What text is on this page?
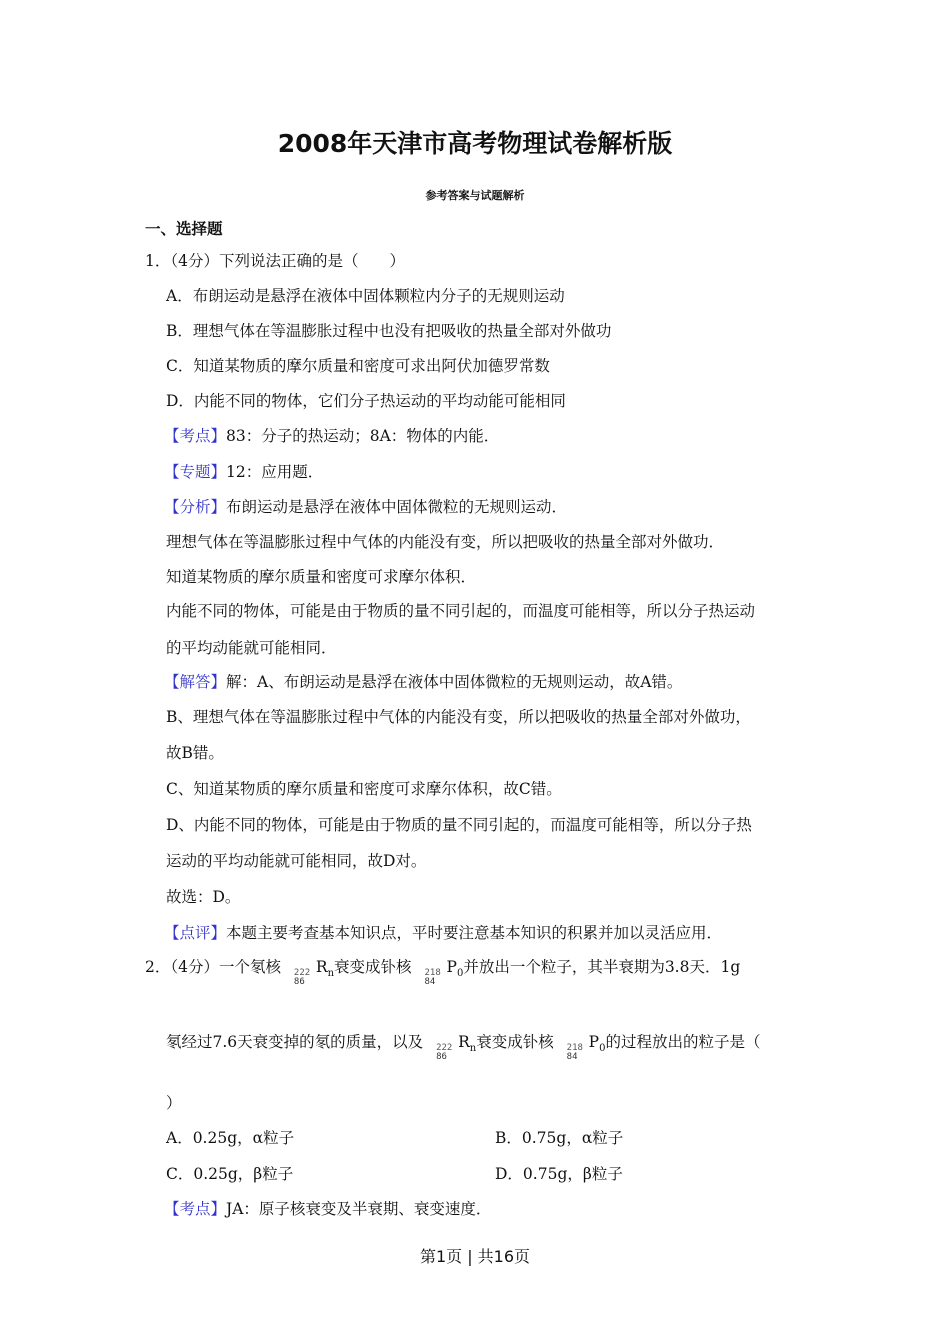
2008年天津市高考物理试卷解析版
参考答案与试题解析
一、选择题
1．（4分）下列说法正确的是（　　）
A．布朗运动是悬浮在液体中固体颗粒内分子的无规则运动
B．理想气体在等温膨胀过程中也没有把吸收的热量全部对外做功
C．知道某物质的摩尔质量和密度可求出阿伏加德罗常数
D．内能不同的物体，它们分子热运动的平均动能可能相同
【考点】83：分子的热运动；8A：物体的内能．
【专题】12：应用题．
【分析】布朗运动是悬浮在液体中固体微粒的无规则运动．
理想气体在等温膨胀过程中气体的内能没有变，所以把吸收的热量全部对外做功．
知道某物质的摩尔质量和密度可求摩尔体积．
内能不同的物体，可能是由于物质的量不同引起的，而温度可能相等，所以分子热运动
的平均动能就可能相同．
【解答】解：A、布朗运动是悬浮在液体中固体微粒的无规则运动，故A错。
B、理想气体在等温膨胀过程中气体的内能没有变，所以把吸收的热量全部对外做功，
故B错。
C、知道某物质的摩尔质量和密度可求摩尔体积，故C错。
D、内能不同的物体，可能是由于物质的量不同引起的，而温度可能相等，所以分子热
运动的平均动能就可能相同，故D对。
故选：D。
【点评】本题主要考查基本知识点，平时要注意基本知识的积累并加以灵活应用．
2．（4分）一个氡核 222
86
$R_n$衰变成钋核 218
84
$P_0$并放出一个粒子，其半衰期为3.8天．1g
氡经过7.6天衰变掉的氡的质量，以及 222
86
$R_n$衰变成钋核 218
84
$P_0$的过程放出的粒子是（
）
A．0.25g，α粒子	B．0.75g，α粒子
C．0.25g，β粒子	D．0.75g，β粒子
【考点】JA：原子核衰变及半衰期、衰变速度．
第1页 | 共16页
